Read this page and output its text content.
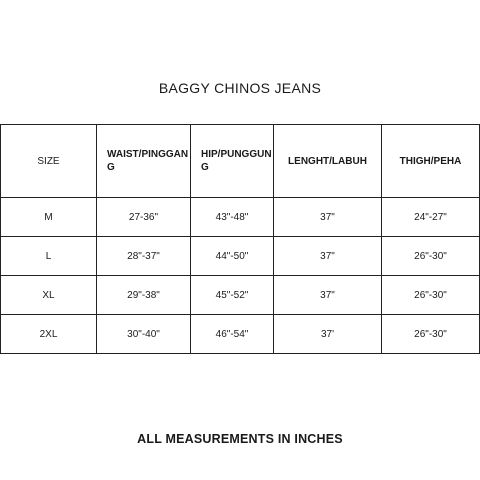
BAGGY CHINOS JEANS
SIZE	WAIST/PINGGANG	HIP/PUNGGUNG	LENGHT/LABUH	THIGH/PEHA
M	27-36"	43"-48"	37"	24"-27"
L	28"-37"	44"-50"	37"	26"-30"
XL	29"-38"	45"-52"	37"	26"-30"
2XL	30"-40"	46"-54"	37'	26"-30"
ALL MEASUREMENTS IN INCHES
